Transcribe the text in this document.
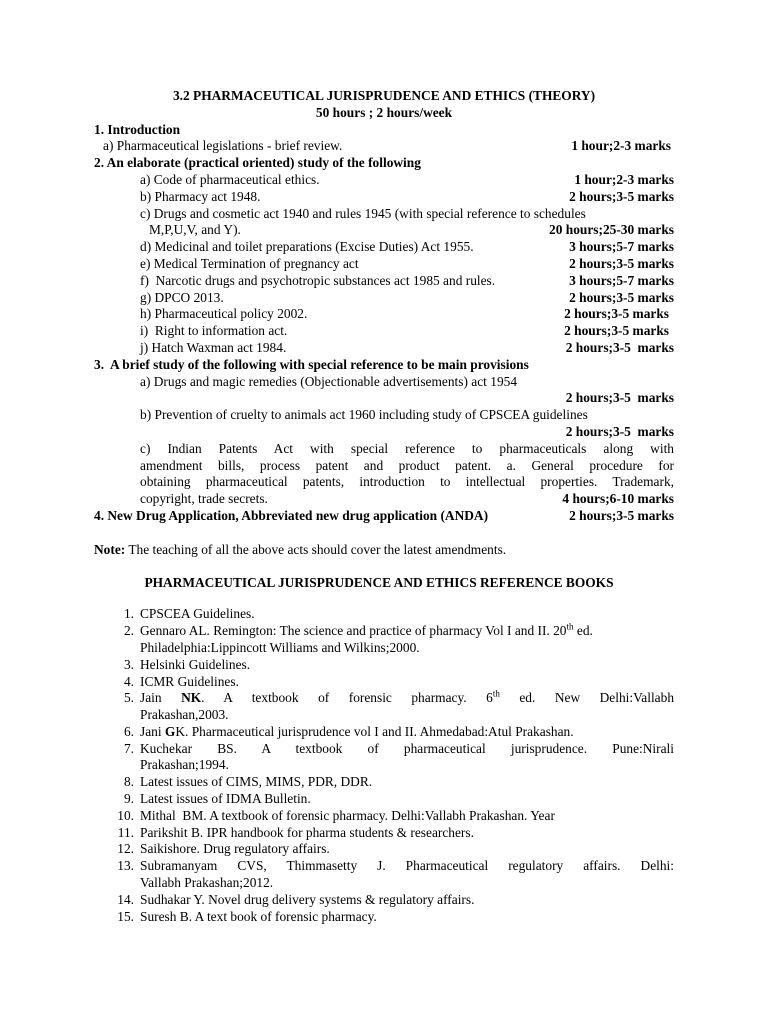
3.2 PHARMACEUTICAL JURISPRUDENCE AND ETHICS (THEORY)
50 hours ; 2 hours/week
1. Introduction
a) Pharmaceutical legislations - brief review.	1 hour;2-3 marks
2. An elaborate (practical oriented) study of the following
a) Code of pharmaceutical ethics.	1 hour;2-3 marks
b) Pharmacy act 1948.	2 hours;3-5 marks
c) Drugs and cosmetic act 1940 and rules 1945 (with special reference to schedules
M,P,U,V, and Y).	20 hours;25-30 marks
d) Medicinal and toilet preparations (Excise Duties) Act 1955.	3 hours;5-7 marks
e) Medical Termination of pregnancy act	2 hours;3-5 marks
f)  Narcotic drugs and psychotropic substances act 1985 and rules.	3 hours;5-7 marks
g) DPCO 2013.	2 hours;3-5 marks
h) Pharmaceutical policy 2002.	2 hours;3-5 marks
i)  Right to information act.	2 hours;3-5 marks
j) Hatch Waxman act 1984.	2 hours;3-5  marks
3.  A brief study of the following with special reference to be main provisions
a) Drugs and magic remedies (Objectionable advertisements) act 1954
2 hours;3-5  marks
b) Prevention of cruelty to animals act 1960 including study of CPSCEA guidelines
2 hours;3-5  marks
c) Indian Patents Act with special reference to pharmaceuticals along with
amendment bills, process patent and product patent. a. General procedure for
obtaining pharmaceutical patents, introduction to intellectual properties. Trademark,
copyright, trade secrets.	4 hours;6-10 marks
4. New Drug Application, Abbreviated new drug application (ANDA)	2 hours;3-5 marks
Note: The teaching of all the above acts should cover the latest amendments.
PHARMACEUTICAL JURISPRUDENCE AND ETHICS REFERENCE BOOKS
1. CPSCEA Guidelines.
2. Gennaro AL. Remington: The science and practice of pharmacy Vol I and II. 20th ed.
Philadelphia:Lippincott Williams and Wilkins;2000.
3. Helsinki Guidelines.
4. ICMR Guidelines.
5. Jain NK. A textbook of forensic pharmacy. 6th ed. New Delhi:Vallabh
Prakashan,2003.
6. Jani GK. Pharmaceutical jurisprudence vol I and II. Ahmedabad:Atul Prakashan.
7. Kuchekar BS. A textbook of pharmaceutical jurisprudence. Pune:Nirali
Prakashan;1994.
8. Latest issues of CIMS, MIMS, PDR, DDR.
9. Latest issues of IDMA Bulletin.
10. Mithal  BM. A textbook of forensic pharmacy. Delhi:Vallabh Prakashan. Year
11. Parikshit B. IPR handbook for pharma students & researchers.
12. Saikishore. Drug regulatory affairs.
13. Subramanyam CVS, Thimmasetty J. Pharmaceutical regulatory affairs. Delhi:
Vallabh Prakashan;2012.
14. Sudhakar Y. Novel drug delivery systems & regulatory affairs.
15. Suresh B. A text book of forensic pharmacy.
